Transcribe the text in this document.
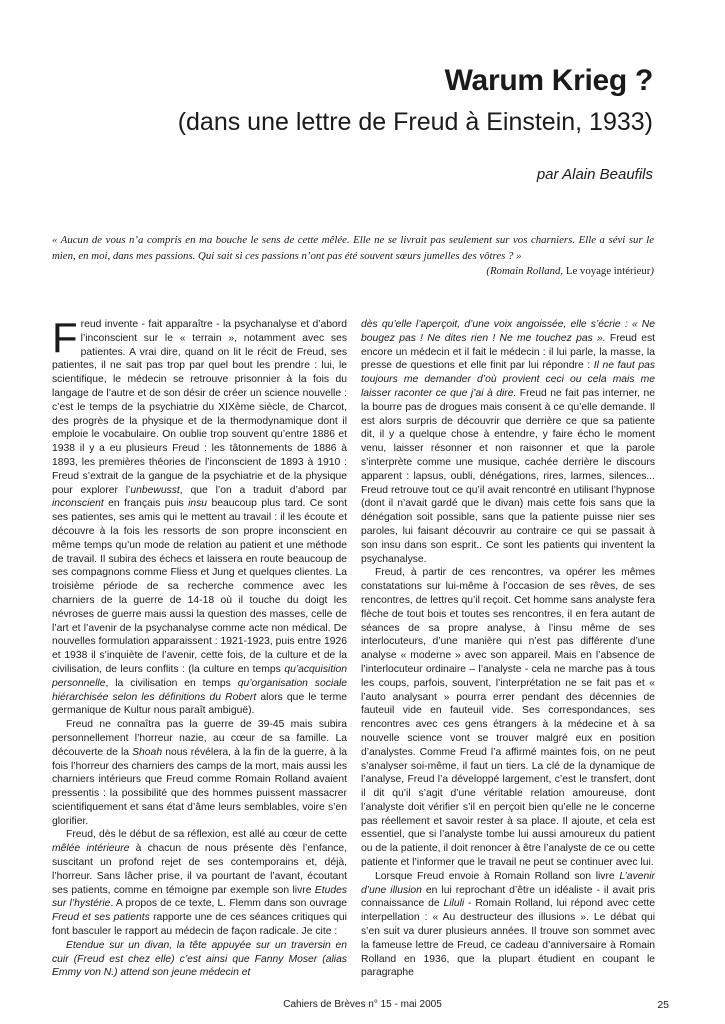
Warum Krieg ?
(dans une lettre de Freud à Einstein, 1933)
par Alain Beaufils
« Aucun de vous n’a compris en ma bouche le sens de cette mêlée. Elle ne se livrait pas seulement sur vos charniers. Elle a sévi sur le mien, en moi, dans mes passions. Qui sait si ces passions n’ont pas été souvent sœurs jumelles des vôtres ? »
(Romain Rolland, Le voyage intérieur)

Freud invente - fait apparaître - la psychanalyse et d’abord l’inconscient sur le « terrain », notamment avec ses patientes. A vrai dire, quand on lit le récit de Freud, ses patientes, il ne sait pas trop par quel bout les prendre : lui, le scientifique, le médecin se retrouve prisonnier à la fois du langage de l’autre et de son désir de créer un science nouvelle : c’est le temps de la psychiatrie du XIXème siècle, de Charcot, des progrès de la physique et de la thermodynamique dont il emploie le vocabulaire. On oublie trop souvent qu’entre 1886 et 1938 il y a eu plusieurs Freud : les tâtonnements de 1886 à 1893, les premières théories de l’inconscient de 1893 à 1910 : Freud s’extrait de la gangue de la psychiatrie et de la physique pour explorer l’unbewusst, que l’on a traduit d’abord par inconscient en français puis insu beaucoup plus tard. Ce sont ses patientes, ses amis qui le mettent au travail : il les écoute et découvre à la fois les ressorts de son propre inconscient en même temps qu’un mode de relation au patient et une méthode de travail. Il subira des échecs et laissera en route beaucoup de ses compagnons comme Fliess et Jung et quelques clientes. La troisième période de sa recherche commence avec les charniers de la guerre de 14-18 où il touche du doigt les névroses de guerre mais aussi la question des masses, celle de l’art et l’avenir de la psychanalyse comme acte non médical. De nouvelles formulation apparaissent : 1921-1923, puis entre 1926 et 1938 il s’inquiète de l’avenir, cette fois, de la culture et de la civilisation, de leurs conflits : (la culture en temps qu’acquisition personnelle, la civilisation en temps qu’organisation sociale hiérarchisée selon les définitions du Robert alors que le terme germanique de Kultur nous paraît ambiguë).

Freud ne connaîtra pas la guerre de 39-45 mais subira personnellement l’horreur nazie, au cœur de sa famille. La découverte de la Shoah nous révélera, à la fin de la guerre, à la fois l’horreur des charniers des camps de la mort, mais aussi les charniers intérieurs que Freud comme Romain Rolland avaient pressentis : la possibilité que des hommes puissent massacrer scientifiquement et sans état d’âme leurs semblables, voire s’en glorifier.

Freud, dès le début de sa réflexion, est allé au cœur de cette mêlée intérieure à chacun de nous présente dès l’enfance, suscitant un profond rejet de ses contemporains et, déjà, l’horreur. Sans lâcher prise, il va pourtant de l’avant, écoutant ses patients, comme en témoigne par exemple son livre Etudes sur l’hystérie. A propos de ce texte, L. Flemm dans son ouvrage Freud et ses patients rapporte une de ces séances critiques qui font basculer le rapport au médecin de façon radicale. Je cite :

Etendue sur un divan, la tête appuyée sur un traversin en cuir (Freud est chez elle) c’est ainsi que Fanny Moser (alias Emmy von N.) attend son jeune médecin et

dès qu’elle l’aperçoit, d’une voix angoissée, elle s’écrie : « Ne bougez pas ! Ne dites rien ! Ne me touchez pas ». Freud est encore un médecin et il fait le médecin : il lui parle, la masse, la presse de questions et elle finit par lui répondre : Il ne faut pas toujours me demander d’où provient ceci ou cela mais me laisser raconter ce que j’ai à dire. Freud ne fait pas interner, ne la bourre pas de drogues mais consent à ce qu’elle demande. Il est alors surpris de découvrir que derrière ce que sa patiente dit, il y a quelque chose à entendre, y faire écho le moment venu, laisser résonner et non raisonner et que la parole s’interprète comme une musique, cachée derrière le discours apparent : lapsus, oubli, dénégations, rires, larmes, silences... Freud retrouve tout ce qu’il avait rencontré en utilisant l’hypnose (dont il n’avait gardé que le divan) mais cette fois sans que la dénégation soit possible, sans que la patiente puisse nier ses paroles, lui faisant découvrir au contraire ce qui se passait à son insu dans son esprit.. Ce sont les patients qui inventent la psychanalyse.

Freud, à partir de ces rencontres, va opérer les mêmes constatations sur lui-même à l’occasion de ses rêves, de ses rencontres, de lettres qu’il reçoit. Cet homme sans analyste fera flèche de tout bois et toutes ses rencontres, il en fera autant de séances de sa propre analyse, à l’insu même de ses interlocuteurs, d’une manière qui n’est pas différente d’une analyse « moderne » avec son appareil. Mais en l’absence de l’interlocuteur ordinaire – l’analyste - cela ne marche pas à tous les coups, parfois, souvent, l’interprétation ne se fait pas et « l’auto analysant » pourra errer pendant des décennies de fauteuil vide en fauteuil vide. Ses correspondances, ses rencontres avec ces gens étrangers à la médecine et à sa nouvelle science vont se trouver malgré eux en position d’analystes. Comme Freud l’a affirmé maintes fois, on ne peut s’analyser soi-même, il faut un tiers. La clé de la dynamique de l’analyse, Freud l’a développé largement, c’est le transfert, dont il dit qu’il s’agit d’une véritable relation amoureuse, dont l’analyste doit vérifier s’il en perçoit bien qu’elle ne le concerne pas réellement et savoir rester à sa place. Il ajoute, et cela est essentiel, que si l’analyste tombe lui aussi amoureux du patient ou de la patiente, il doit renoncer à être l’analyste de ce ou cette patiente et l’informer que le travail ne peut se continuer avec lui.

Lorsque Freud envoie à Romain Rolland son livre L’avenir d’une illusion en lui reprochant d’être un idéaliste - il avait pris connaissance de Liluli - Romain Rolland, lui répond avec cette interpellation : « Au destructeur des illusions ». Le débat qui s’en suit va durer plusieurs années. Il trouve son sommet avec la fameuse lettre de Freud, ce cadeau d’anniversaire à Romain Rolland en 1936, que la plupart étudient en coupant le paragraphe

Cahiers de Brèves n° 15 - mai 2005	25
